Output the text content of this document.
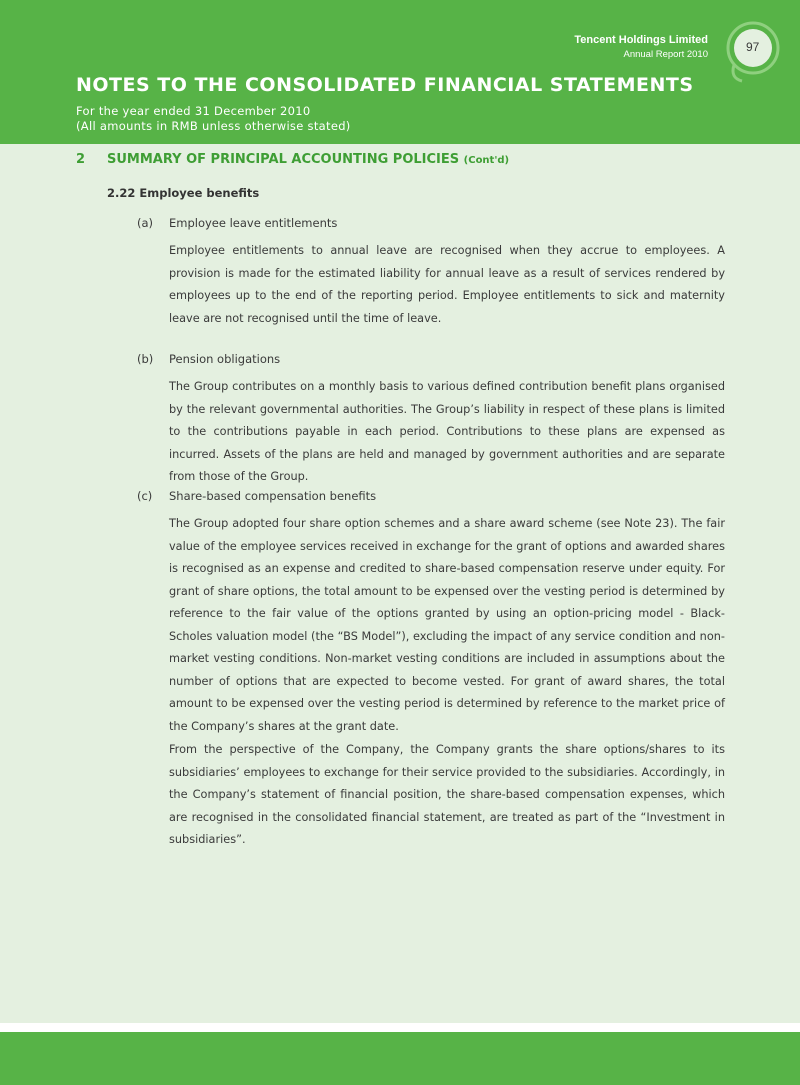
Tencent Holdings Limited
Annual Report 2010
97
NOTES TO THE CONSOLIDATED FINANCIAL STATEMENTS
For the year ended 31 December 2010
(All amounts in RMB unless otherwise stated)
2 SUMMARY OF PRINCIPAL ACCOUNTING POLICIES (Cont'd)
2.22 Employee benefits
(a) Employee leave entitlements

Employee entitlements to annual leave are recognised when they accrue to employees. A provision is made for the estimated liability for annual leave as a result of services rendered by employees up to the end of the reporting period. Employee entitlements to sick and maternity leave are not recognised until the time of leave.

(b) Pension obligations

The Group contributes on a monthly basis to various defined contribution benefit plans organised by the relevant governmental authorities. The Group’s liability in respect of these plans is limited to the contributions payable in each period. Contributions to these plans are expensed as incurred. Assets of the plans are held and managed by government authorities and are separate from those of the Group.

(c) Share-based compensation benefits

The Group adopted four share option schemes and a share award scheme (see Note 23). The fair value of the employee services received in exchange for the grant of options and awarded shares is recognised as an expense and credited to share-based compensation reserve under equity. For grant of share options, the total amount to be expensed over the vesting period is determined by reference to the fair value of the options granted by using an option-pricing model - Black-Scholes valuation model (the “BS Model”), excluding the impact of any service condition and non-market vesting conditions. Non-market vesting conditions are included in assumptions about the number of options that are expected to become vested. For grant of award shares, the total amount to be expensed over the vesting period is determined by reference to the market price of the Company’s shares at the grant date.

From the perspective of the Company, the Company grants the share options/shares to its subsidiaries’ employees to exchange for their service provided to the subsidiaries. Accordingly, in the Company’s statement of financial position, the share-based compensation expenses, which are recognised in the consolidated financial statement, are treated as part of the “Investment in subsidiaries”.
